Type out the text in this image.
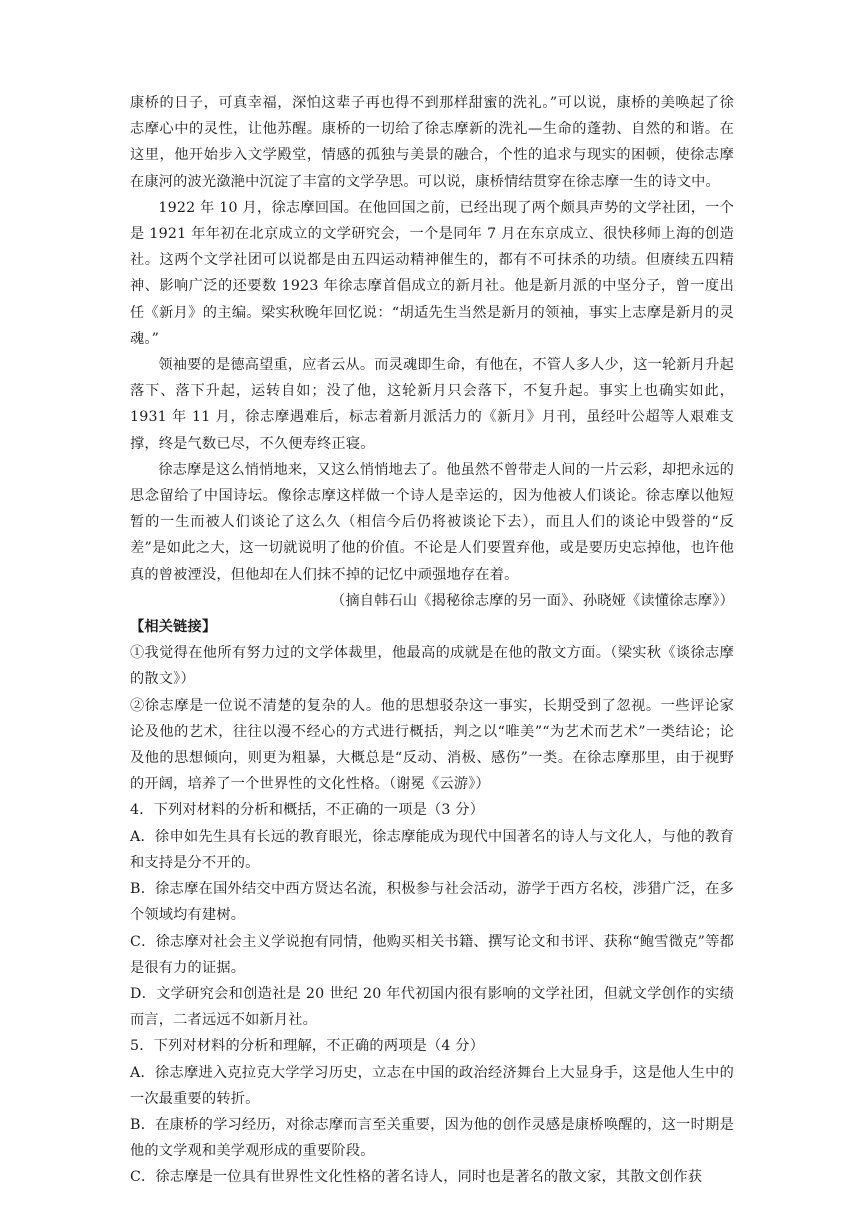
康桥的日子，可真幸福，深怕这辈子再也得不到那样甜蜜的洗礼。”可以说，康桥的美唤起了徐志摩心中的灵性，让他苏醒。康桥的一切给了徐志摩新的洗礼—生命的蓬勃、自然的和谐。在这里，他开始步入文学殿堂，情感的孤独与美景的融合，个性的追求与现实的困顿，使徐志摩在康河的波光潋滟中沉淀了丰富的文学孕思。可以说，康桥情结贯穿在徐志摩一生的诗文中。

1922 年 10 月，徐志摩回国。在他回国之前，已经出现了两个颇具声势的文学社团，一个是 1921 年年初在北京成立的文学研究会，一个是同年 7 月在东京成立、很快移师上海的创造社。这两个文学社团可以说都是由五四运动精神催生的，都有不可抹杀的功绩。但赓续五四精神、影响广泛的还要数 1923 年徐志摩首倡成立的新月社。他是新月派的中坚分子，曾一度出任《新月》的主编。梁实秋晚年回忆说：“胡适先生当然是新月的领袖，事实上志摩是新月的灵魂。”

领袖要的是德高望重，应者云从。而灵魂即生命，有他在，不管人多人少，这一轮新月升起落下、落下升起，运转自如；没了他，这轮新月只会落下，不复升起。事实上也确实如此，1931 年 11 月，徐志摩遇难后，标志着新月派活力的《新月》月刊，虽经叶公超等人艰难支撑，终是气数已尽，不久便寿终正寝。

徐志摩是这么悄悄地来，又这么悄悄地去了。他虽然不曾带走人间的一片云彩，却把永远的思念留给了中国诗坛。像徐志摩这样做一个诗人是幸运的，因为他被人们谈论。徐志摩以他短暂的一生而被人们谈论了这么久（相信今后仍将被谈论下去），而且人们的谈论中毁誉的“反差”是如此之大，这一切就说明了他的价值。不论是人们要置弃他，或是要历史忘掉他，也许他真的曾被湮没，但他却在人们抹不掉的记忆中顽强地存在着。

（摘自韩石山《揭秘徐志摩的另一面》、孙晓娅《读懂徐志摩》）

【相关链接】

①我觉得在他所有努力过的文学体裁里，他最高的成就是在他的散文方面。（梁实秋《谈徐志摩的散文》）

②徐志摩是一位说不清楚的复杂的人。他的思想驳杂这一事实，长期受到了忽视。一些评论家论及他的艺术，往往以漫不经心的方式进行概括，判之以“唯美”“为艺术而艺术”一类结论；论及他的思想倾向，则更为粗暴，大概总是“反动、消极、感伤”一类。在徐志摩那里，由于视野的开阔，培养了一个世界性的文化性格。（谢冕《云游》）

4．下列对材料的分析和概括，不正确的一项是（3 分）

A．徐申如先生具有长远的教育眼光，徐志摩能成为现代中国著名的诗人与文化人，与他的教育和支持是分不开的。

B．徐志摩在国外结交中西方贤达名流，积极参与社会活动，游学于西方名校，涉猎广泛，在多个领域均有建树。

C．徐志摩对社会主义学说抱有同情，他购买相关书籍、撰写论文和书评、获称“鲍雪微克”等都是很有力的证据。

D．文学研究会和创造社是 20 世纪 20 年代初国内很有影响的文学社团，但就文学创作的实绩而言，二者远远不如新月社。

5．下列对材料的分析和理解，不正确的两项是（4 分）

A．徐志摩进入克拉克大学学习历史，立志在中国的政治经济舞台上大显身手，这是他人生中的一次最重要的转折。

B．在康桥的学习经历，对徐志摩而言至关重要，因为他的创作灵感是康桥唤醒的，这一时期是他的文学观和美学观形成的重要阶段。

C．徐志摩是一位具有世界性文化性格的著名诗人，同时也是著名的散文家，其散文创作获
